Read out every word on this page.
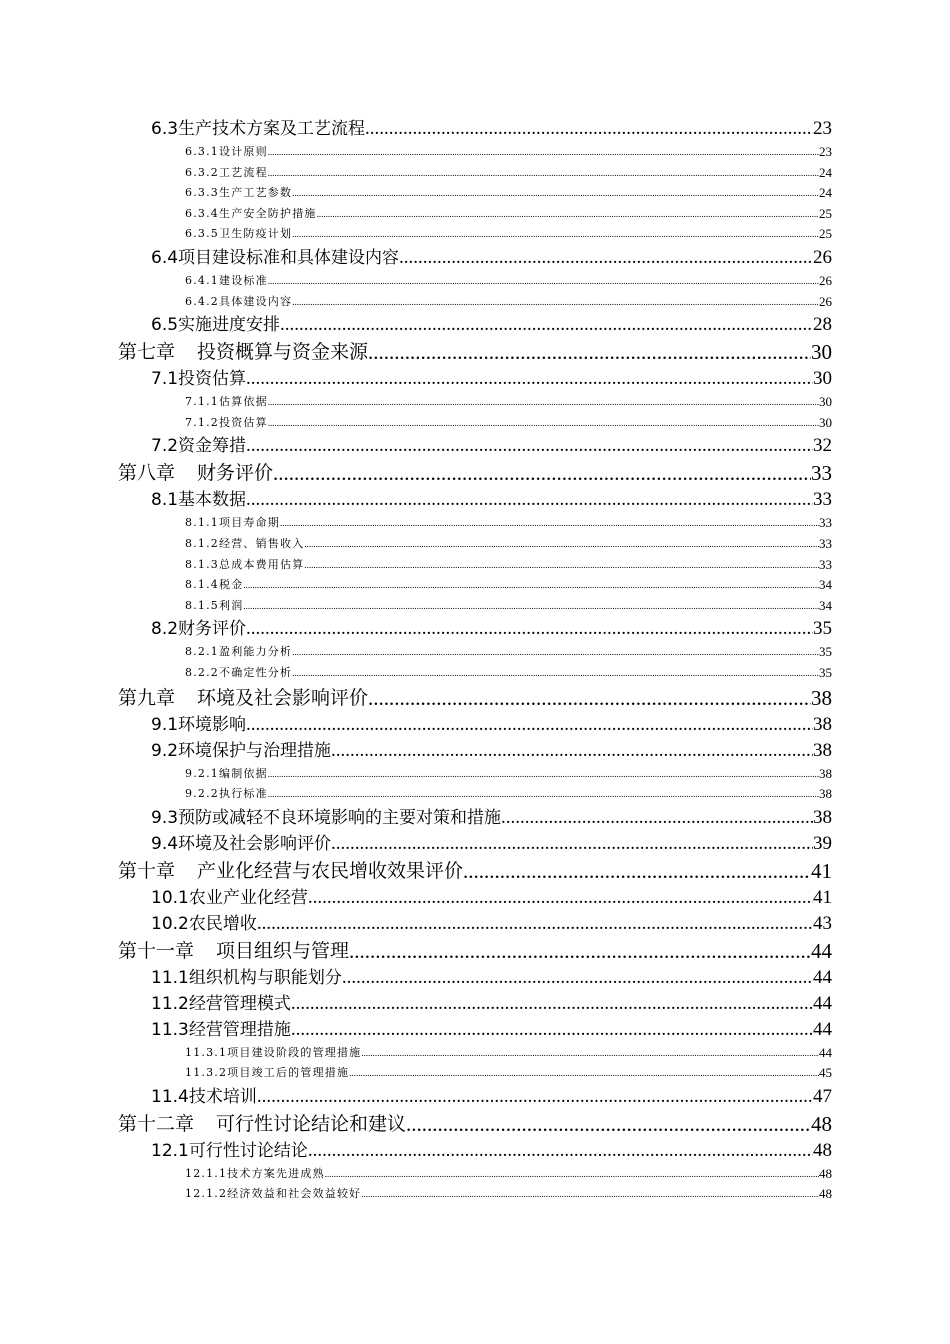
6.3生产技术方案及工艺流程 .....	23
6.3.1设计原则 .....	23
6.3.2工艺流程 .....	24
6.3.3生产工艺参数 .....	24
6.3.4生产安全防护措施 .....	25
6.3.5卫生防疫计划 .....	25
6.4项目建设标准和具体建设内容 .....	26
6.4.1建设标准 .....	26
6.4.2具体建设内容 .....	26
6.5实施进度安排 .....	28
第七章 投资概算与资金来源 .....	30
7.1投资估算 .....	30
7.1.1估算依据 .....	30
7.1.2投资估算 .....	30
7.2资金筹措 .....	32
第八章 财务评价 .....	33
8.1基本数据 .....	33
8.1.1项目寿命期 .....	33
8.1.2经营、销售收入 .....	33
8.1.3总成本费用估算 .....	33
8.1.4税金 .....	34
8.1.5利润 .....	34
8.2财务评价 .....	35
8.2.1盈利能力分析 .....	35
8.2.2不确定性分析 .....	35
第九章 环境及社会影响评价 .....	38
9.1环境影响 .....	38
9.2环境保护与治理措施 .....	38
9.2.1编制依据 .....	38
9.2.2执行标准 .....	38
9.3预防或减轻不良环境影响的主要对策和措施 .....	38
9.4环境及社会影响评价 .....	39
第十章 产业化经营与农民增收效果评价 .....	41
10.1农业产业化经营 .....	41
10.2农民增收 .....	43
第十一章 项目组织与管理 .....	44
11.1组织机构与职能划分 .....	44
11.2经营管理模式 .....	44
11.3经营管理措施 .....	44
11.3.1项目建设阶段的管理措施 .....	44
11.3.2项目竣工后的管理措施 .....	45
11.4技术培训 .....	47
第十二章 可行性讨论结论和建议 .....	48
12.1可行性讨论结论 .....	48
12.1.1技术方案先进成熟 .....	48
12.1.2经济效益和社会效益较好 .....	48
